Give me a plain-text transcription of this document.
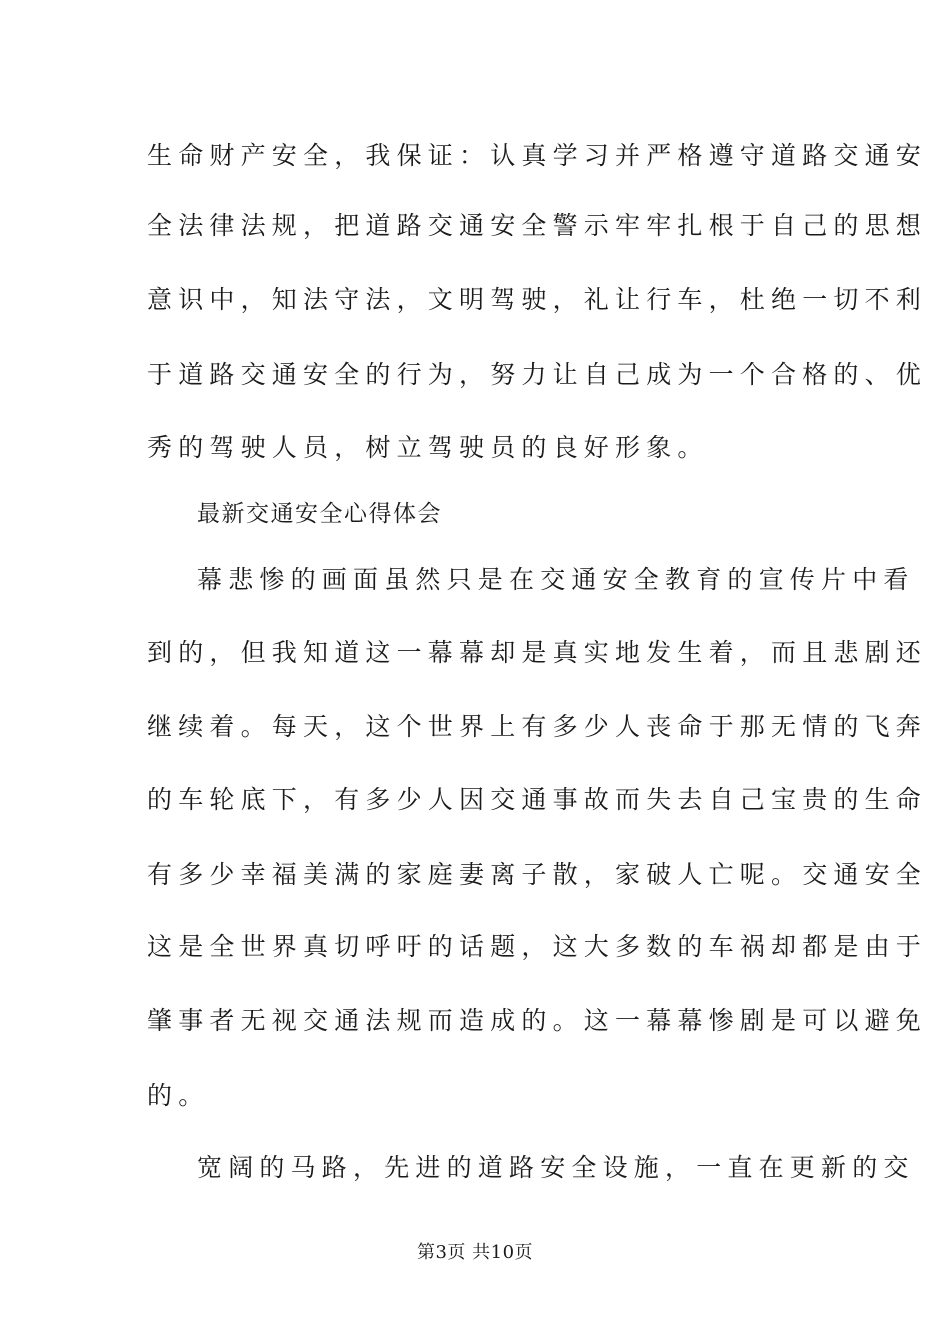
生命财产安全，我保证：认真学习并严格遵守道路交通安
全法律法规，把道路交通安全警示牢牢扎根于自己的思想
意识中，知法守法，文明驾驶，礼让行车，杜绝一切不利
于道路交通安全的行为，努力让自己成为一个合格的、优
秀的驾驶人员，树立驾驶员的良好形象。
最新交通安全心得体会
幕悲惨的画面虽然只是在交通安全教育的宣传片中看
到的，但我知道这一幕幕却是真实地发生着，而且悲剧还
继续着。每天，这个世界上有多少人丧命于那无情的飞奔
的车轮底下，有多少人因交通事故而失去自己宝贵的生命
有多少幸福美满的家庭妻离子散，家破人亡呢。交通安全
这是全世界真切呼吁的话题，这大多数的车祸却都是由于
肇事者无视交通法规而造成的。这一幕幕惨剧是可以避免
的。
宽阔的马路，先进的道路安全设施，一直在更新的交
第3页 共10页
